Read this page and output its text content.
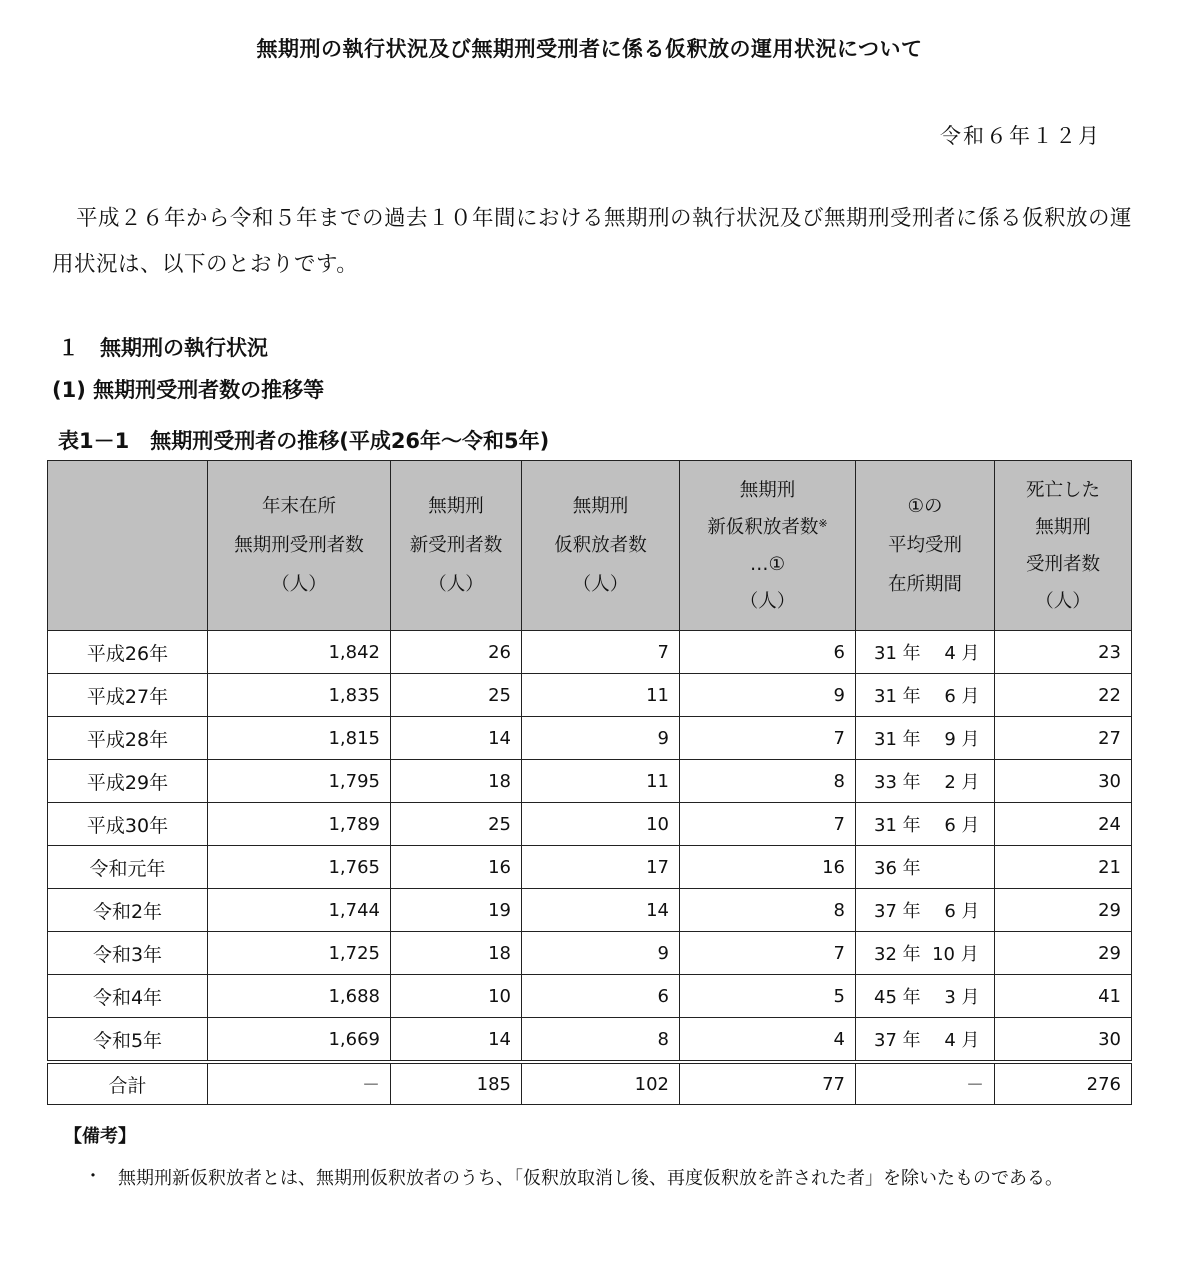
無期刑の執行状況及び無期刑受刑者に係る仮釈放の運用状況について
令和６年１２月
平成２６年から令和５年までの過去１０年間における無期刑の執行状況及び無期刑受刑者に係る仮釈放の運用状況は、以下のとおりです。
１　無期刑の執行状況
(1) 無期刑受刑者数の推移等
表1－1　無期刑受刑者の推移(平成26年～令和5年)

	年末在所
無期刑受刑者数
（人）	無期刑
新受刑者数
（人）	無期刑
仮釈放者数
（人）	無期刑
新仮釈放者数※
…①
（人）	①の
平均受刑
在所期間	死亡した
無期刑
受刑者数
（人）

平成26年	1,842	26	7	6	31 年　 4 月	23
平成27年	1,835	25	11	9	31 年　 6 月	22
平成28年	1,815	14	9	7	31 年　 9 月	27
平成29年	1,795	18	11	8	33 年　 2 月	30
平成30年	1,789	25	10	7	31 年　 6 月	24
令和元年	1,765	16	17	16	36 年	21
令和2年	1,744	19	14	8	37 年　 6 月	29
令和3年	1,725	18	9	7	32 年  10 月	29
令和4年	1,688	10	6	5	45 年　 3 月	41
令和5年	1,669	14	8	4	37 年　 4 月	30
合計	－	185	102	77	－	276
【備考】
・ 無期刑新仮釈放者とは、無期刑仮釈放者のうち、「仮釈放取消し後、再度仮釈放を許された者」を除いたものである。
